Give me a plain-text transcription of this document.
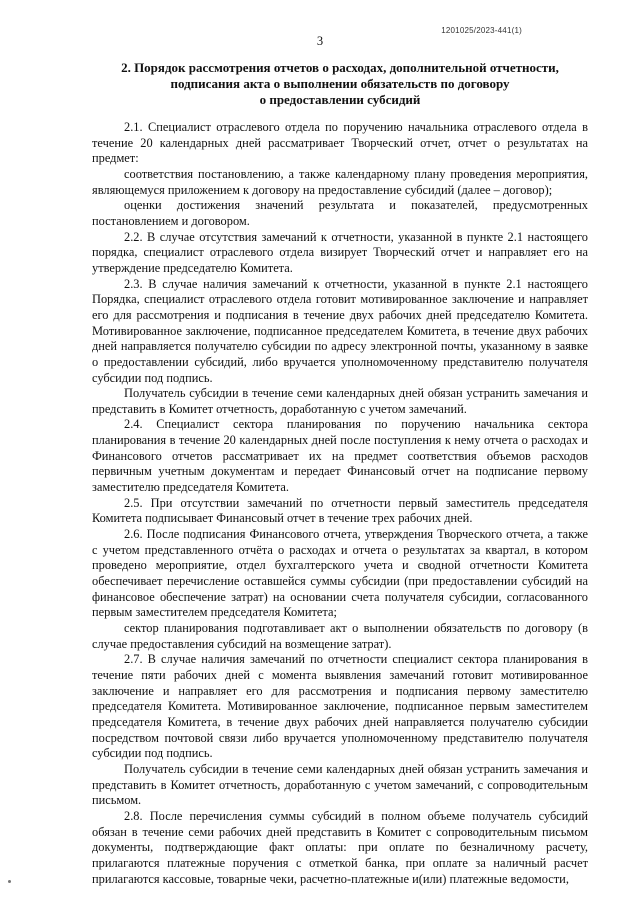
1201025/2023-441(1)
3
2. Порядок рассмотрения отчетов о расходах, дополнительной отчетности,
подписания акта о выполнении обязательств по договору
о предоставлении субсидий

2.1. Специалист отраслевого отдела по поручению начальника отраслевого отдела в течение 20 календарных дней рассматривает Творческий отчет, отчет о результатах на предмет:

соответствия постановлению, а также календарному плану проведения мероприятия, являющемуся приложением к договору на предоставление субсидий (далее – договор);

оценки достижения значений результата и показателей, предусмотренных постановлением и договором.

2.2. В случае отсутствия замечаний к отчетности, указанной в пункте 2.1 настоящего порядка, специалист отраслевого отдела визирует Творческий отчет и направляет его на утверждение председателю Комитета.

2.3. В случае наличия замечаний к отчетности, указанной в пункте 2.1 настоящего Порядка, специалист отраслевого отдела готовит мотивированное заключение и направляет его для рассмотрения и подписания в течение двух рабочих дней председателю Комитета. Мотивированное заключение, подписанное председателем Комитета, в течение двух рабочих дней направляется получателю субсидии по адресу электронной почты, указанному в заявке о предоставлении субсидий, либо вручается уполномоченному представителю получателя субсидии под подпись.

Получатель субсидии в течение семи календарных дней обязан устранить замечания и представить в Комитет отчетность, доработанную с учетом замечаний.

2.4. Специалист сектора планирования по поручению начальника сектора планирования в течение 20 календарных дней после поступления к нему отчета о расходах и Финансового отчетов рассматривает их на предмет соответствия объемов расходов первичным учетным документам и передает Финансовый отчет на подписание первому заместителю председателя Комитета.

2.5. При отсутствии замечаний по отчетности первый заместитель председателя Комитета подписывает Финансовый отчет в течение трех рабочих дней.

2.6. После подписания Финансового отчета, утверждения Творческого отчета, а также с учетом представленного отчёта о расходах и отчета о результатах за квартал, в котором проведено мероприятие, отдел бухгалтерского учета и сводной отчетности Комитета обеспечивает перечисление оставшейся суммы субсидии (при предоставлении субсидий на финансовое обеспечение затрат) на основании счета получателя субсидии, согласованного первым заместителем председателя Комитета;

сектор планирования подготавливает акт о выполнении обязательств по договору (в случае предоставления субсидий на возмещение затрат).

2.7. В случае наличия замечаний по отчетности специалист сектора планирования в течение пяти рабочих дней с момента выявления замечаний готовит мотивированное заключение и направляет его для рассмотрения и подписания первому заместителю председателя Комитета. Мотивированное заключение, подписанное первым заместителем председателя Комитета, в течение двух рабочих дней направляется получателю субсидии посредством почтовой связи либо вручается уполномоченному представителю получателя субсидии под подпись.

Получатель субсидии в течение семи календарных дней обязан устранить замечания и представить в Комитет отчетность, доработанную с учетом замечаний, с сопроводительным письмом.

2.8. После перечисления суммы субсидий в полном объеме получатель субсидий обязан в течение семи рабочих дней представить в Комитет с сопроводительным письмом документы, подтверждающие факт оплаты: при оплате по безналичному расчету, прилагаются платежные поручения с отметкой банка, при оплате за наличный расчет прилагаются кассовые, товарные чеки, расчетно-платежные и(или) платежные ведомости,
